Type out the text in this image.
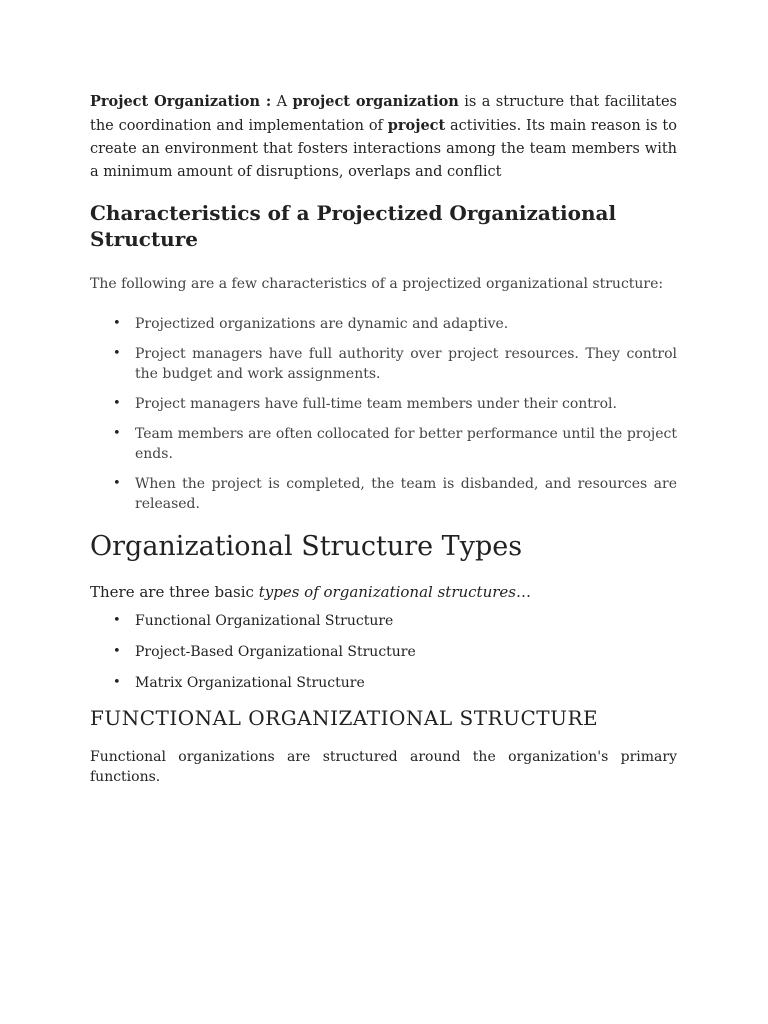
Project Organization : A project organization is a structure that facilitates the coordination and implementation of project activities. Its main reason is to create an environment that fosters interactions among the team members with a minimum amount of disruptions, overlaps and conflict

Characteristics of a Projectized Organizational Structure

The following are a few characteristics of a projectized organizational structure:

• Projectized organizations are dynamic and adaptive.
• Project managers have full authority over project resources. They control the budget and work assignments.
• Project managers have full-time team members under their control.
• Team members are often collocated for better performance until the project ends.
• When the project is completed, the team is disbanded, and resources are released.
Organizational Structure Types

There are three basic types of organizational structures…

• Functional Organizational Structure
• Project-Based Organizational Structure
• Matrix Organizational Structure
FUNCTIONAL ORGANIZATIONAL STRUCTURE

Functional organizations are structured around the organization's primary functions.
